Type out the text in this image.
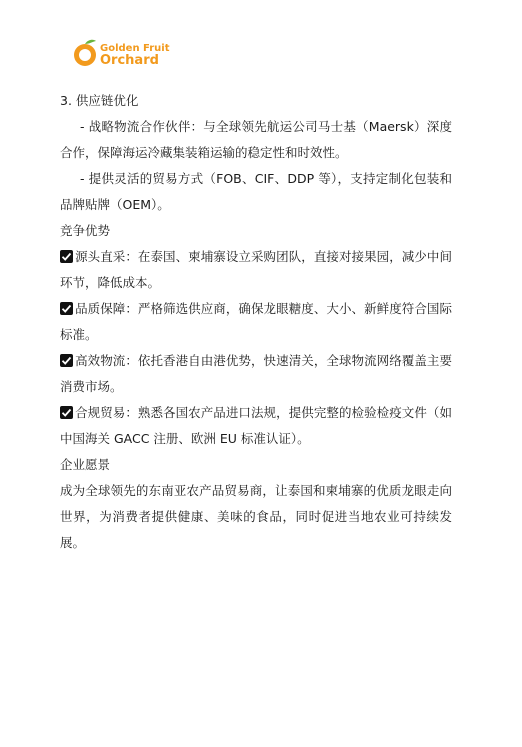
Golden Fruit
Orchard

3. 供应链优化

- 战略物流合作伙伴：与全球领先航运公司马士基（Maersk）深度合作，保障海运冷藏集装箱运输的稳定性和时效性。

- 提供灵活的贸易方式（FOB、CIF、DDP 等），支持定制化包装和品牌贴牌（OEM）。

竞争优势

源头直采：在泰国、柬埔寨设立采购团队，直接对接果园，减少中间环节，降低成本。

品质保障：严格筛选供应商，确保龙眼糖度、大小、新鲜度符合国际标准。

高效物流：依托香港自由港优势，快速清关，全球物流网络覆盖主要消费市场。

合规贸易：熟悉各国农产品进口法规，提供完整的检验检疫文件（如中国海关 GACC 注册、欧洲 EU 标准认证）。

企业愿景

成为全球领先的东南亚农产品贸易商，让泰国和柬埔寨的优质龙眼走向世界，为消费者提供健康、美味的食品，同时促进当地农业可持续发展。
